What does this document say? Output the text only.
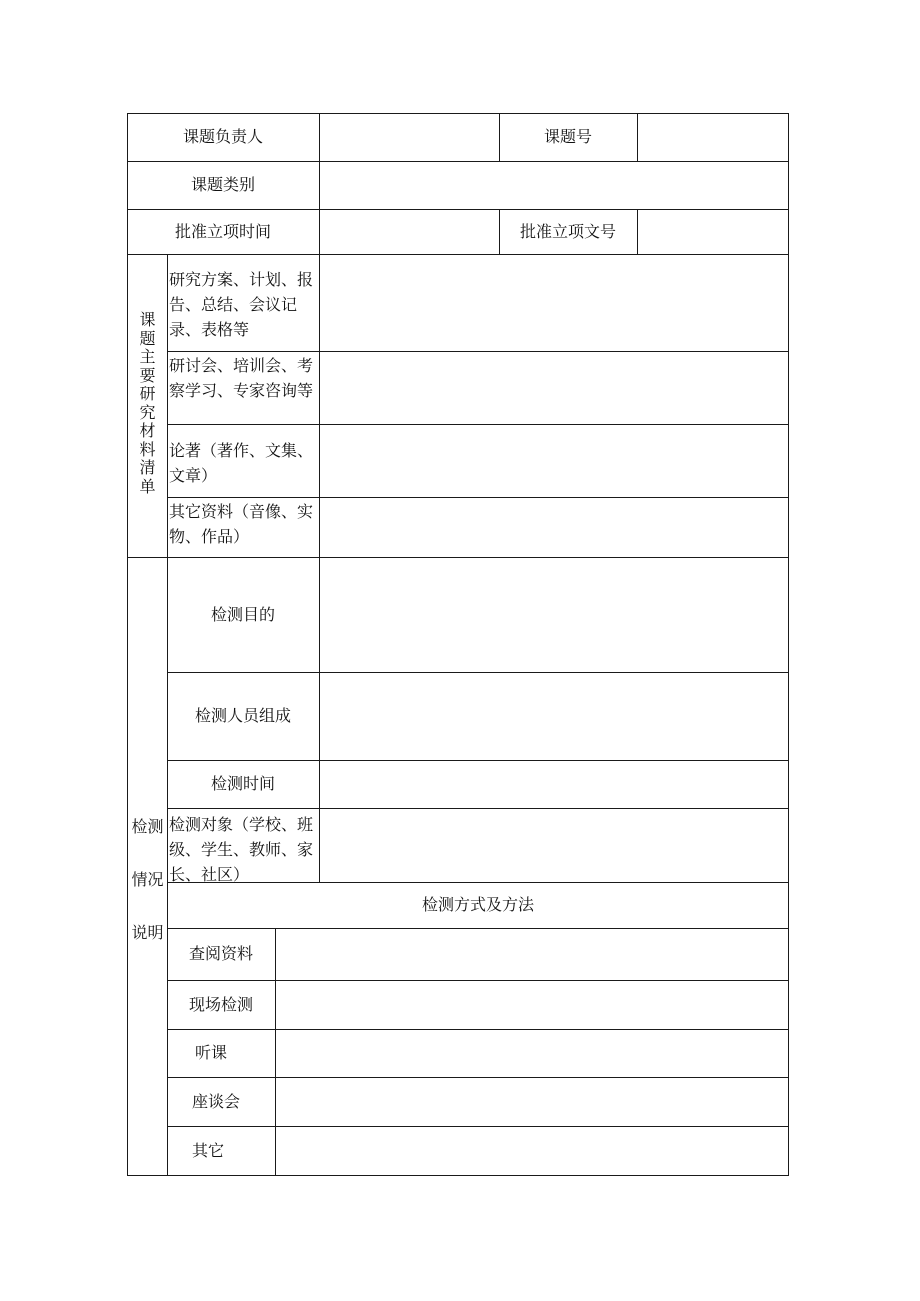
课题负责人	课题号
课题类别
批准立项时间	批准立项文号
课
题
主
要
研
究
材
料
清
单
研究方案、计划、报告、总结、会议记录、表格等
研讨会、培训会、考察学习、专家咨询等
论著（著作、文集、文章）
其它资料（音像、实物、作品）
检测
情况
说明
检测目的
检测人员组成
检测时间
检测对象（学校、班级、学生、教师、家长、社区）
检测方式及方法
查阅资料
现场检测
听课
座谈会
其它
